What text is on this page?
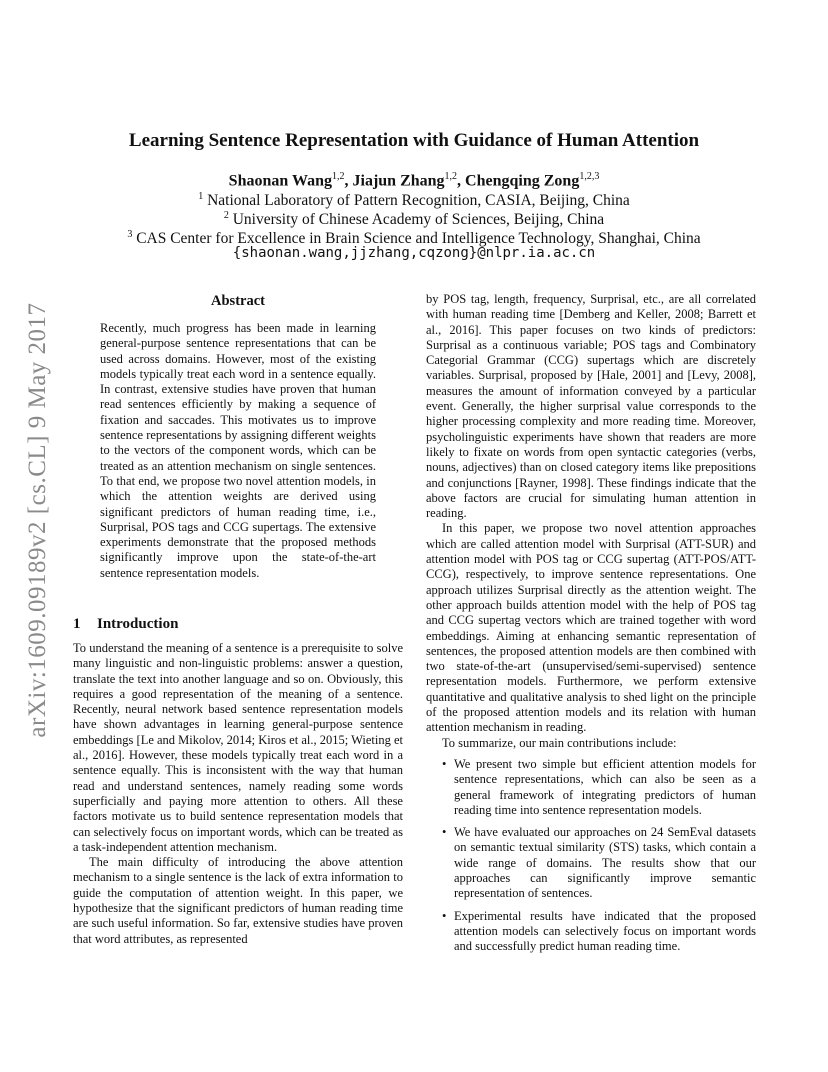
arXiv:1609.09189v2 [cs.CL] 9 May 2017
Learning Sentence Representation with Guidance of Human Attention
Shaonan Wang$^{1,2}$, Jiajun Zhang$^{1,2}$, Chengqing Zong$^{1,2,3}$
$^1$ National Laboratory of Pattern Recognition, CASIA, Beijing, China
$^2$ University of Chinese Academy of Sciences, Beijing, China
$^3$ CAS Center for Excellence in Brain Science and Intelligence Technology, Shanghai, China
{shaonan.wang,jjzhang,cqzong}@nlpr.ia.ac.cn
Abstract

Recently, much progress has been made in learning general-purpose sentence representations that can be used across domains. However, most of the existing models typically treat each word in a sentence equally. In contrast, extensive studies have proven that human read sentences efficiently by making a sequence of fixation and saccades. This motivates us to improve sentence representations by assigning different weights to the vectors of the component words, which can be treated as an attention mechanism on single sentences. To that end, we propose two novel attention models, in which the attention weights are derived using significant predictors of human reading time, i.e., Surprisal, POS tags and CCG supertags. The extensive experiments demonstrate that the proposed methods significantly improve upon the state-of-the-art sentence representation models.

1 Introduction

To understand the meaning of a sentence is a prerequisite to solve many linguistic and non-linguistic problems: answer a question, translate the text into another language and so on. Obviously, this requires a good representation of the meaning of a sentence. Recently, neural network based sentence representation models have shown advantages in learning general-purpose sentence embeddings [Le and Mikolov, 2014; Kiros et al., 2015; Wieting et al., 2016]. However, these models typically treat each word in a sentence equally. This is inconsistent with the way that human read and understand sentences, namely reading some words superficially and paying more attention to others. All these factors motivate us to build sentence representation models that can selectively focus on important words, which can be treated as a task-independent attention mechanism.

The main difficulty of introducing the above attention mechanism to a single sentence is the lack of extra information to guide the computation of attention weight. In this paper, we hypothesize that the significant predictors of human reading time are such useful information. So far, extensive studies have proven that word attributes, as represented

by POS tag, length, frequency, Surprisal, etc., are all correlated with human reading time [Demberg and Keller, 2008; Barrett et al., 2016]. This paper focuses on two kinds of predictors: Surprisal as a continuous variable; POS tags and Combinatory Categorial Grammar (CCG) supertags which are discretely variables. Surprisal, proposed by [Hale, 2001] and [Levy, 2008], measures the amount of information conveyed by a particular event. Generally, the higher surprisal value corresponds to the higher processing complexity and more reading time. Moreover, psycholinguistic experiments have shown that readers are more likely to fixate on words from open syntactic categories (verbs, nouns, adjectives) than on closed category items like prepositions and conjunctions [Rayner, 1998]. These findings indicate that the above factors are crucial for simulating human attention in reading.

In this paper, we propose two novel attention approaches which are called attention model with Surprisal (ATT-SUR) and attention model with POS tag or CCG supertag (ATT-POS/ATT-CCG), respectively, to improve sentence representations. One approach utilizes Surprisal directly as the attention weight. The other approach builds attention model with the help of POS tag and CCG supertag vectors which are trained together with word embeddings. Aiming at enhancing semantic representation of sentences, the proposed attention models are then combined with two state-of-the-art (unsupervised/semi-supervised) sentence representation models. Furthermore, we perform extensive quantitative and qualitative analysis to shed light on the principle of the proposed attention models and its relation with human attention mechanism in reading.

To summarize, our main contributions include:

• We present two simple but efficient attention models for sentence representations, which can also be seen as a general framework of integrating predictors of human reading time into sentence representation models.
• We have evaluated our approaches on 24 SemEval datasets on semantic textual similarity (STS) tasks, which contain a wide range of domains. The results show that our approaches can significantly improve semantic representation of sentences.
• Experimental results have indicated that the proposed attention models can selectively focus on important words and successfully predict human reading time.
